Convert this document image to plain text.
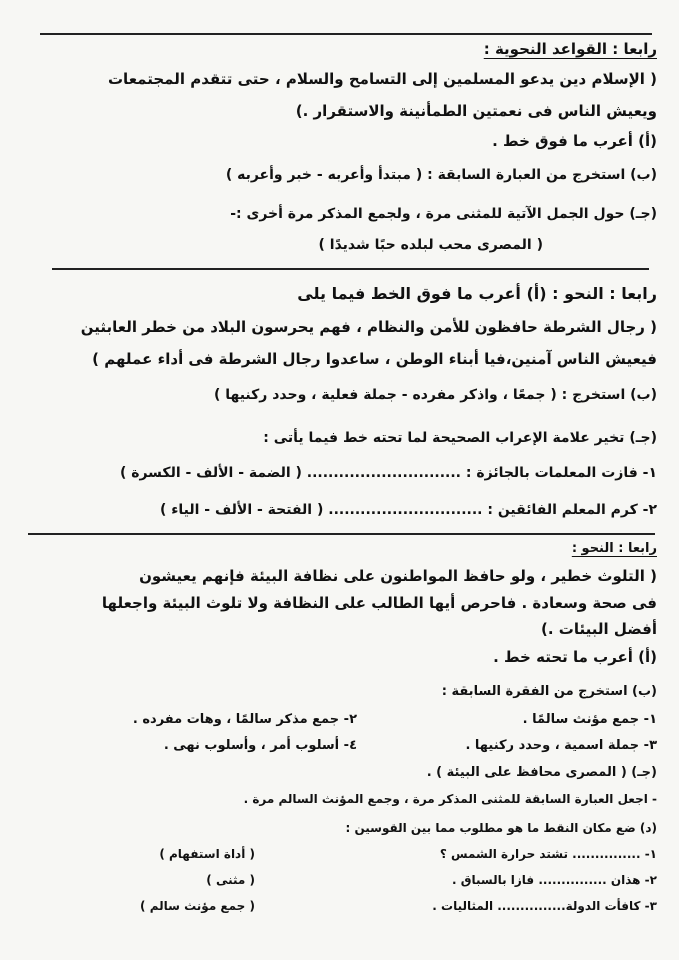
رابعا : القواعد النحوية :
( الإسلام دين يدعو المسلمين إلى التسامح والسلام ، حتى تتقدم المجتمعات
ويعيش الناس فى نعمتين الطمأنينة والاستقرار .)
(أ) أعرب ما فوق خط .
(ب) استخرج من العبارة السابقة : ( مبتدأ وأعربه - خبر وأعربه )
(جـ) حول الجمل الآتية للمثنى مرة ، ولجمع المذكر مرة أخرى :-
( المصرى محب لبلده حبًا شديدًا )
رابعا : النحو : (أ) أعرب ما فوق الخط فيما يلى
( رجال الشرطة حافظون للأمن والنظام ، فهم يحرسون البلاد من خطر العابثين
فيعيش الناس آمنين،فيا أبناء الوطن ، ساعدوا رجال الشرطة فى أداء عملهم )
(ب) استخرج : ( جمعًا ، واذكر مفرده - جملة فعلية ، وحدد ركنيها )
(جـ) تخير علامة الإعراب الصحيحة لما تحته خط فيما يأتى :
١- فازت المعلمات بالجائزة : ............................. ( الضمة - الألف - الكسرة )
٢- كرم المعلم الفائقين : ............................. ( الفتحة - الألف - الياء )
رابعا : النحو :
( التلوث خطير ، ولو حافظ المواطنون على نظافة البيئة فإنهم يعيشون
فى صحة وسعادة . فاحرص أيها الطالب على النظافة ولا تلوث البيئة واجعلها
أفضل البيئات .)
(أ) أعرب ما تحته خط .
(ب) استخرج من الفقرة السابقة :
١- جمع مؤنث سالمًا .
٢- جمع مذكر سالمًا ، وهات مفرده .
٣- جملة اسمية ، وحدد ركنيها .
٤- أسلوب أمر ، وأسلوب نهى .
(جـ) ( المصرى محافظ على البيئة ) .
- اجعل العبارة السابقة للمثنى المذكر مرة ، وجمع المؤنث السالم مرة .
(د) ضع مكان النقط ما هو مطلوب مما بين القوسين :
١- ............... تشتد حرارة الشمس ؟
( أداة استفهام )
٢- هذان ............... فازا بالسباق .
( مثنى )
٣- كافأت الدولة............... المثاليات .
( جمع مؤنث سالم )
